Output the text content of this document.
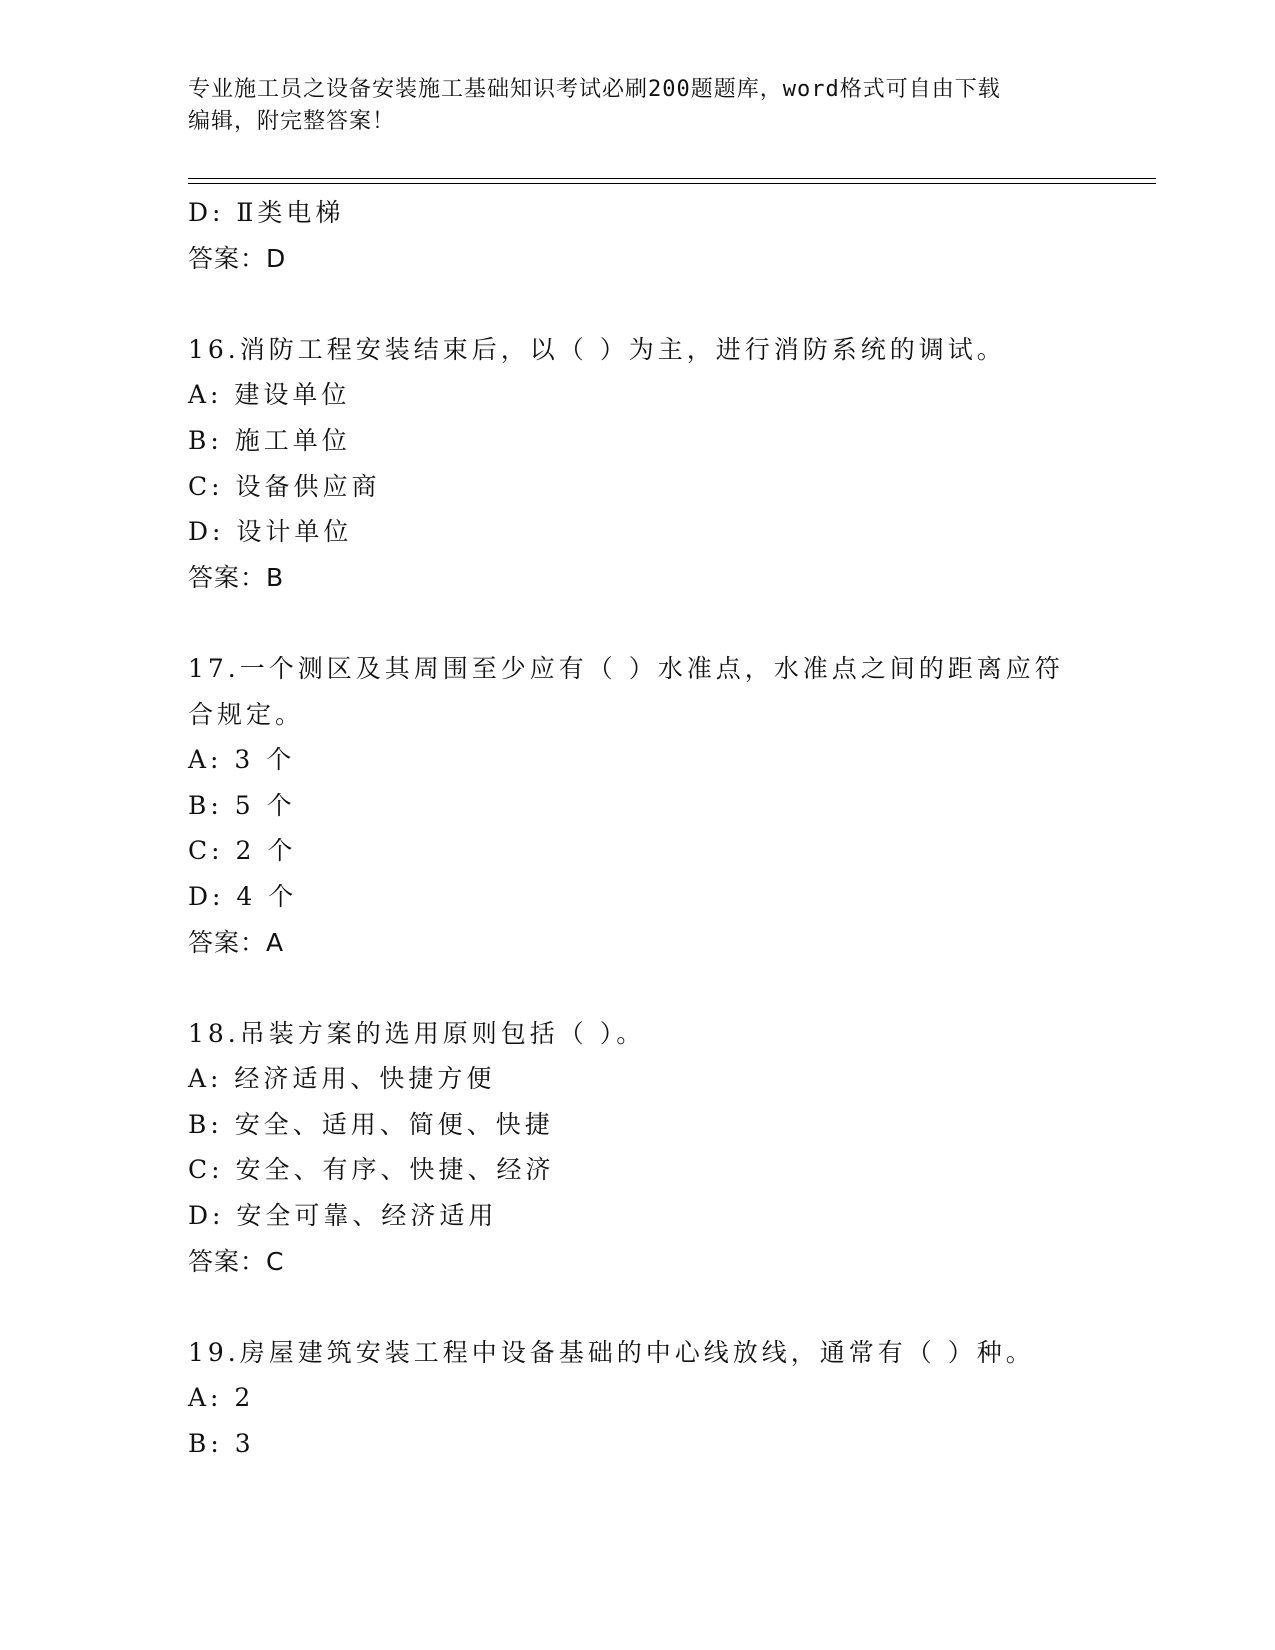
专业施工员之设备安装施工基础知识考试必刷200题题库，word格式可自由下载
编辑，附完整答案！
D: Ⅱ类电梯
答案：D
16.消防工程安装结束后，以（ ）为主，进行消防系统的调试。
A: 建设单位
B: 施工单位
C: 设备供应商
D: 设计单位
答案：B
17.一个测区及其周围至少应有（ ）水准点，水准点之间的距离应符
合规定。
A: 3 个
B: 5 个
C: 2 个
D: 4 个
答案：A
18.吊装方案的选用原则包括（ ）。
A: 经济适用、快捷方便
B: 安全、适用、简便、快捷
C: 安全、有序、快捷、经济
D: 安全可靠、经济适用
答案：C
19.房屋建筑安装工程中设备基础的中心线放线，通常有（ ）种。
A: 2
B: 3
